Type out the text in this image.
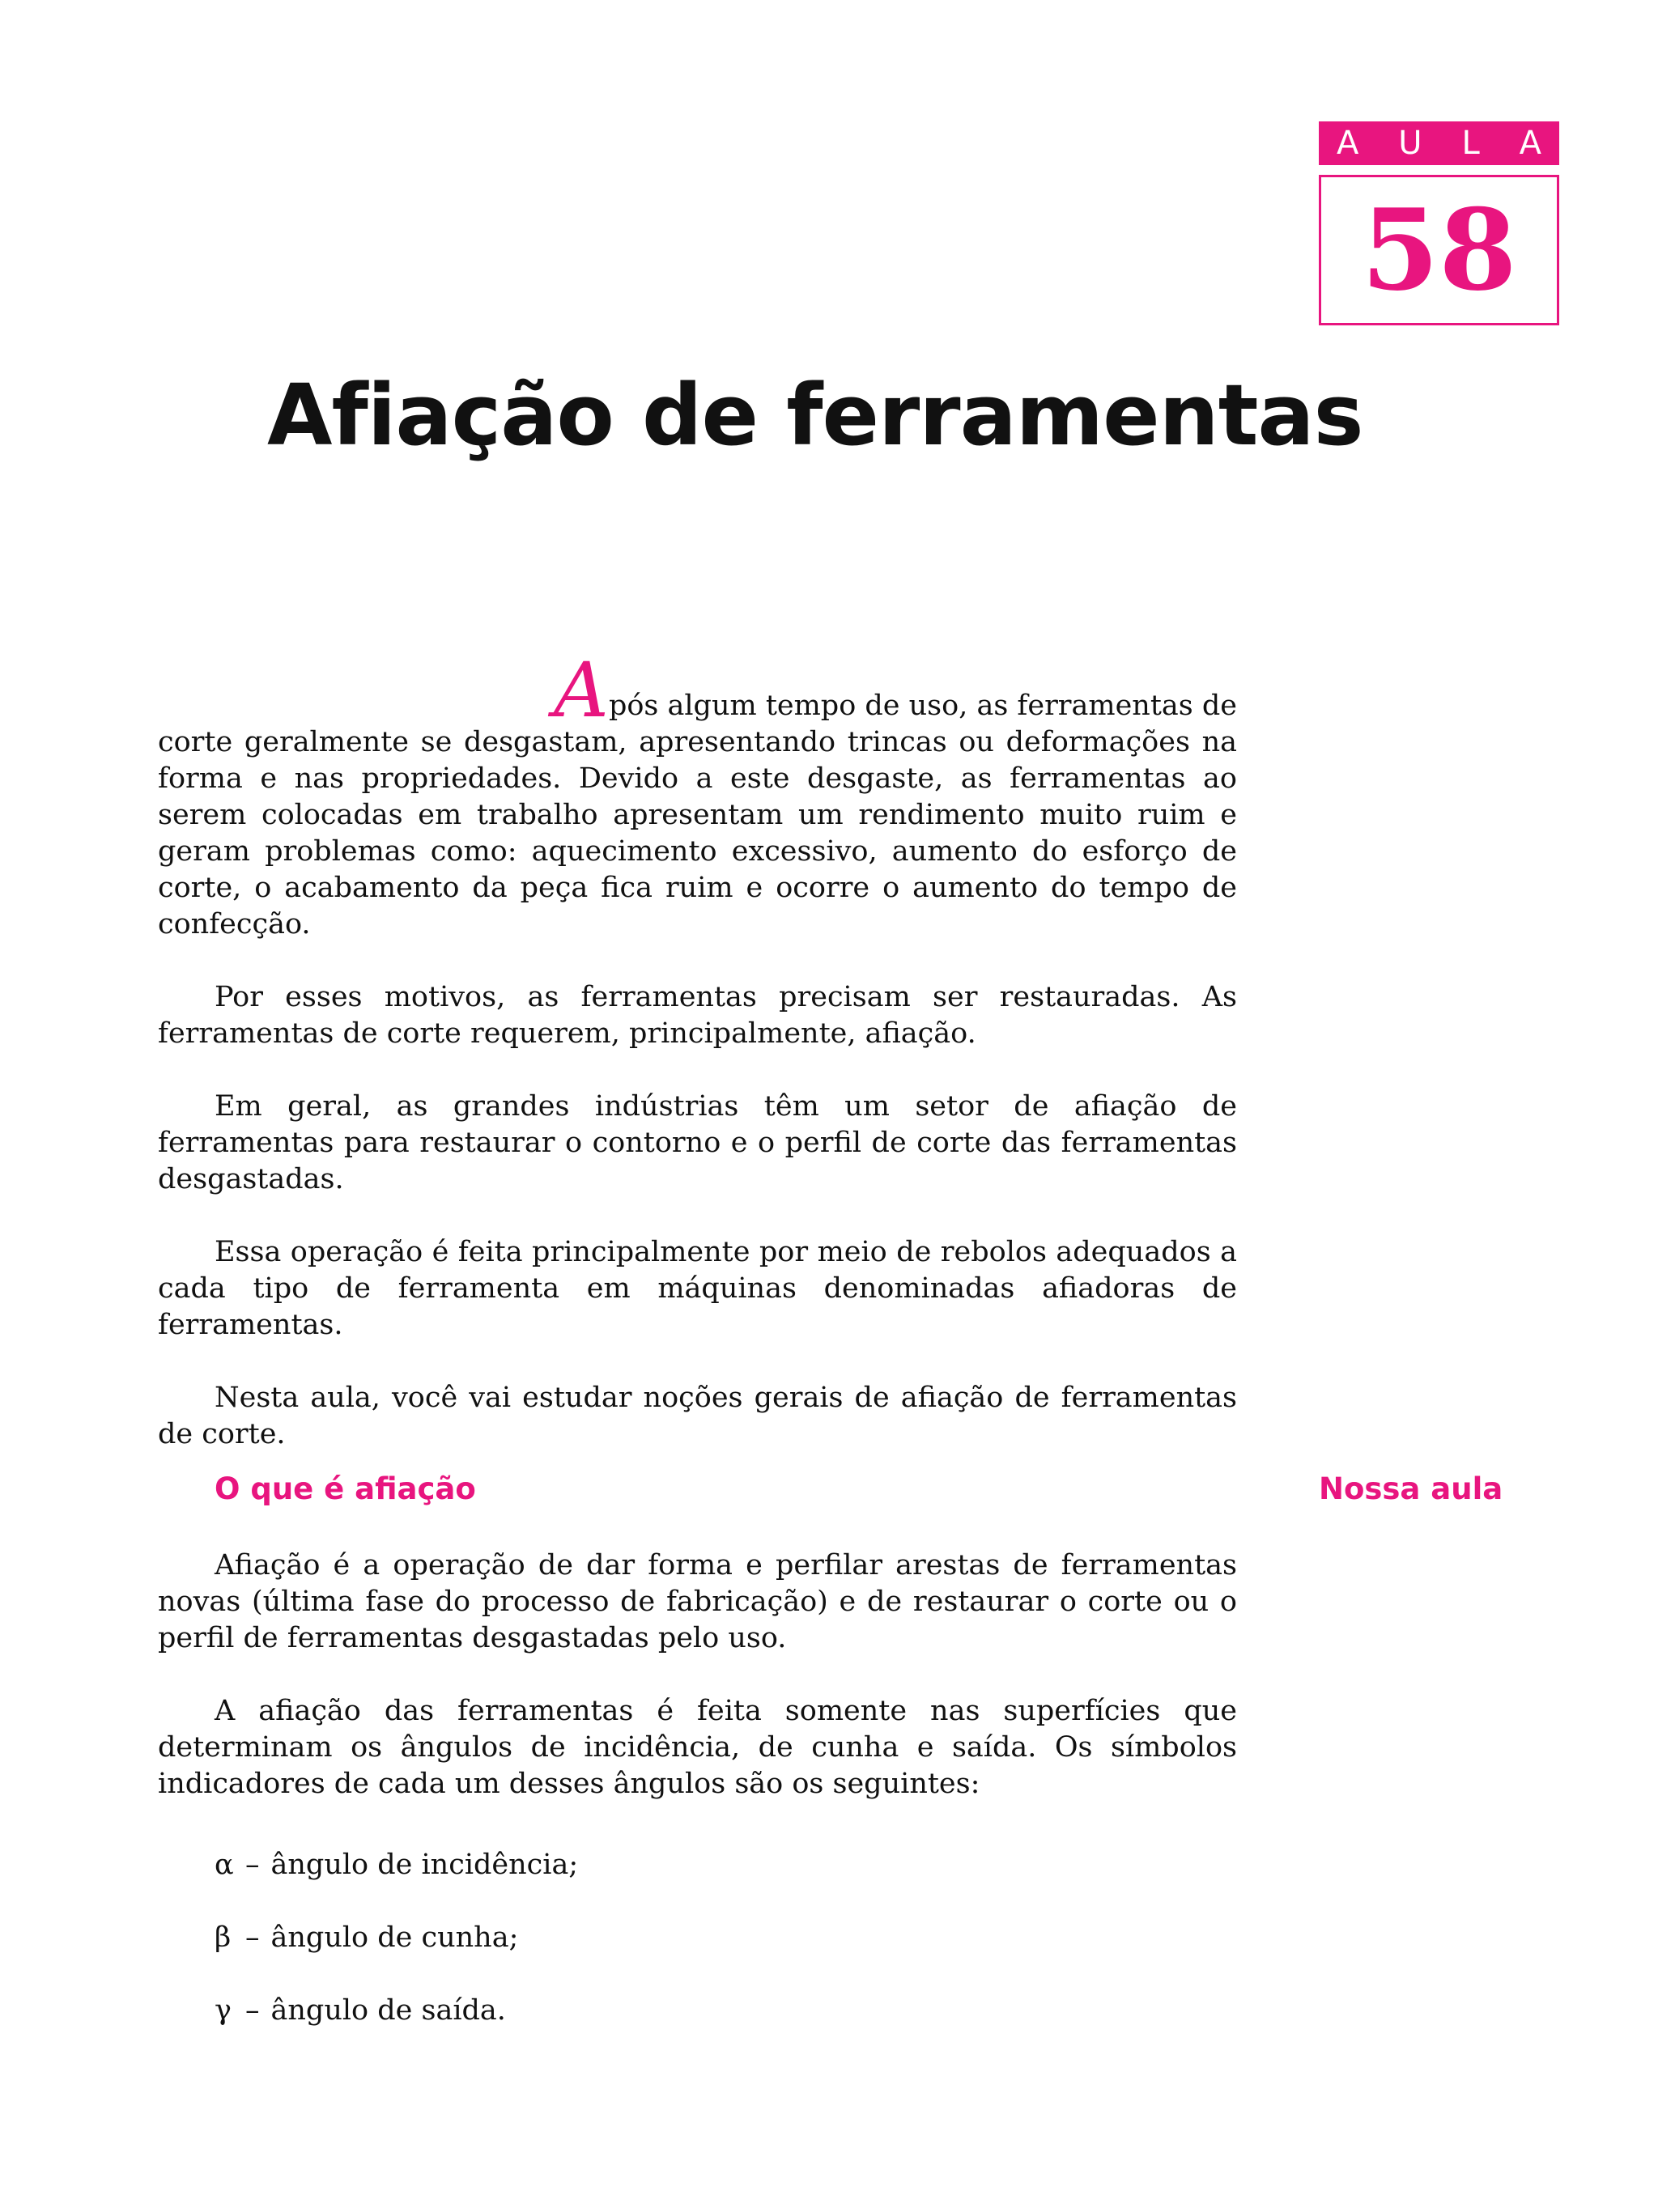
A U L A
58
Afiação de ferramentas

Após algum tempo de uso, as ferramentas de
corte geralmente se desgastam, apresentando trincas ou deformações na forma e nas propriedades. Devido a este desgaste, as ferramentas ao serem colocadas em trabalho apresentam um rendimento muito ruim e geram problemas como: aquecimento excessivo, aumento do esforço de corte, o acabamento da peça fica ruim e ocorre o aumento do tempo de confecção.

Por esses motivos, as ferramentas precisam ser restauradas. As ferramentas de corte requerem, principalmente, afiação.

Em geral, as grandes indústrias têm um setor de afiação de ferramentas para restaurar o contorno e o perfil de corte das ferramentas desgastadas.

Essa operação é feita principalmente por meio de rebolos adequados a cada tipo de ferramenta em máquinas denominadas afiadoras de ferramentas.

Nesta aula, você vai estudar noções gerais de afiação de ferramentas de corte.

O que é afiação	Nossa aula

Afiação é a operação de dar forma e perfilar arestas de ferramentas novas (última fase do processo de fabricação) e de restaurar o corte ou o perfil de ferramentas desgastadas pelo uso.

A afiação das ferramentas é feita somente nas superfícies que determinam os ângulos de incidência, de cunha e saída. Os símbolos indicadores de cada um desses ângulos são os seguintes:

α – ângulo de incidência;
β – ângulo de cunha;
γ – ângulo de saída.
